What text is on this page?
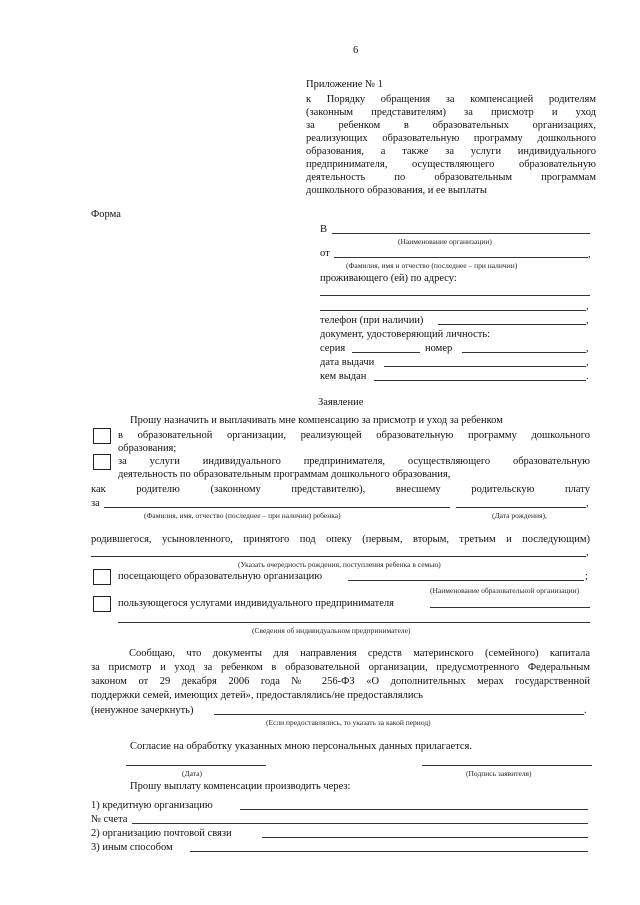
6
Приложение № 1
к Порядку обращения за компенсацией родителям
(законным представителям) за присмотр и уход
за ребенком в образовательных организациях,
реализующих образовательную программу дошкольного
образования, а также за услуги индивидуального
предпринимателя, осуществляющего образовательную
деятельность по образовательным программам
дошкольного образования, и ее выплаты
Форма
В
(Наименование организации)
от	,
(Фамилия, имя и отчество (последнее – при наличии)
проживающего (ей) по адресу:
,
телефон (при наличии)	,
документ, удостоверяющий личность:
серия	номер	,
дата выдачи	,
кем выдан	.
Заявление
Прошу назначить и выплачивать мне компенсацию за присмотр и уход за ребенком
в образовательной организации, реализующей образовательную программу дошкольного
образования;
за услуги индивидуального предпринимателя, осуществляющего образовательную
деятельность по образовательным программам дошкольного образования,
как родителю (законному представителю), внесшему родительскую плату
за	,
(Фамилия, имя, отчество (последнее – при наличии) ребенка)	(Дата рождения),
родившегося, усыновленного, принятого под опеку (первым, вторым, третьим и последующим)
,
(Указать очередность рождения, поступления ребенка в семью)
посещающего образовательную организацию	;
(Наименование образовательной организации)
пользующегося услугами индивидуального предпринимателя
(Сведения об индивидуальном предпринимателе)
Сообщаю, что документы для направления средств материнского (семейного) капитала
за присмотр и уход за ребенком в образовательной организации, предусмотренного Федеральным
законом от 29 декабря 2006 года № 256-ФЗ «О дополнительных мерах государственной
поддержки семей, имеющих детей», предоставлялись/не предоставлялись
(ненужное зачеркнуть)	.
(Если предоставлялись, то указать за какой период)
Согласие на обработку указанных мною персональных данных прилагается.
(Дата)	(Подпись заявителя)
Прошу выплату компенсации производить через:
1) кредитную организацию
№ счета
2) организацию почтовой связи
3) иным способом
